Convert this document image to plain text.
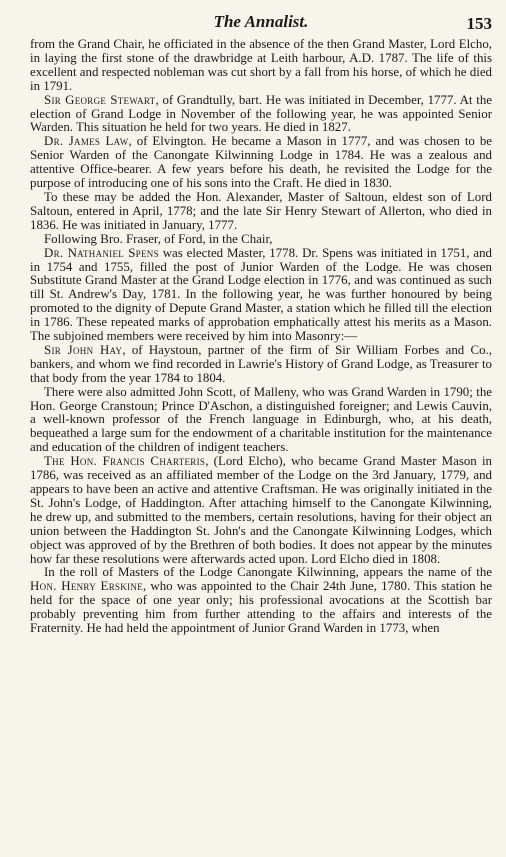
The Annalist.	153

from the Grand Chair, he officiated in the absence of the then Grand Master, Lord Elcho, in laying the first stone of the drawbridge at Leith harbour, A.D. 1787. The life of this excellent and respected nobleman was cut short by a fall from his horse, of which he died in 1791.

Sir George Stewart, of Grandtully, bart. He was initiated in December, 1777. At the election of Grand Lodge in November of the following year, he was appointed Senior Warden. This situation he held for two years. He died in 1827.

Dr. James Law, of Elvington. He became a Mason in 1777, and was chosen to be Senior Warden of the Canongate Kilwinning Lodge in 1784. He was a zealous and attentive Office-bearer. A few years before his death, he revisited the Lodge for the purpose of introducing one of his sons into the Craft. He died in 1830.

To these may be added the Hon. Alexander, Master of Saltoun, eldest son of Lord Saltoun, entered in April, 1778; and the late Sir Henry Stewart of Allerton, who died in 1836. He was initiated in January, 1777.

Following Bro. Fraser, of Ford, in the Chair,

Dr. Nathaniel Spens was elected Master, 1778. Dr. Spens was initiated in 1751, and in 1754 and 1755, filled the post of Junior Warden of the Lodge. He was chosen Substitute Grand Master at the Grand Lodge election in 1776, and was continued as such till St. Andrew's Day, 1781. In the following year, he was further honoured by being promoted to the dignity of Depute Grand Master, a station which he filled till the election in 1786. These repeated marks of approbation emphatically attest his merits as a Mason. The subjoined members were received by him into Masonry:—

Sir John Hay, of Haystoun, partner of the firm of Sir William Forbes and Co., bankers, and whom we find recorded in Lawrie's History of Grand Lodge, as Treasurer to that body from the year 1784 to 1804.

There were also admitted John Scott, of Malleny, who was Grand Warden in 1790; the Hon. George Cranstoun; Prince D'Aschon, a distinguished foreigner; and Lewis Cauvin, a well-known professor of the French language in Edinburgh, who, at his death, bequeathed a large sum for the endowment of a charitable institution for the maintenance and education of the children of indigent teachers.

The Hon. Francis Charteris, (Lord Elcho), who became Grand Master Mason in 1786, was received as an affiliated member of the Lodge on the 3rd January, 1779, and appears to have been an active and attentive Craftsman. He was originally initiated in the St. John's Lodge, of Haddington. After attaching himself to the Canongate Kilwinning, he drew up, and submitted to the members, certain resolutions, having for their object an union between the Haddington St. John's and the Canongate Kilwinning Lodges, which object was approved of by the Brethren of both bodies. It does not appear by the minutes how far these resolutions were afterwards acted upon. Lord Elcho died in 1808.

In the roll of Masters of the Lodge Canongate Kilwinning, appears the name of the Hon. Henry Erskine, who was appointed to the Chair 24th June, 1780. This station he held for the space of one year only; his professional avocations at the Scottish bar probably preventing him from further attending to the affairs and interests of the Fraternity. He had held the appointment of Junior Grand Warden in 1773, when
